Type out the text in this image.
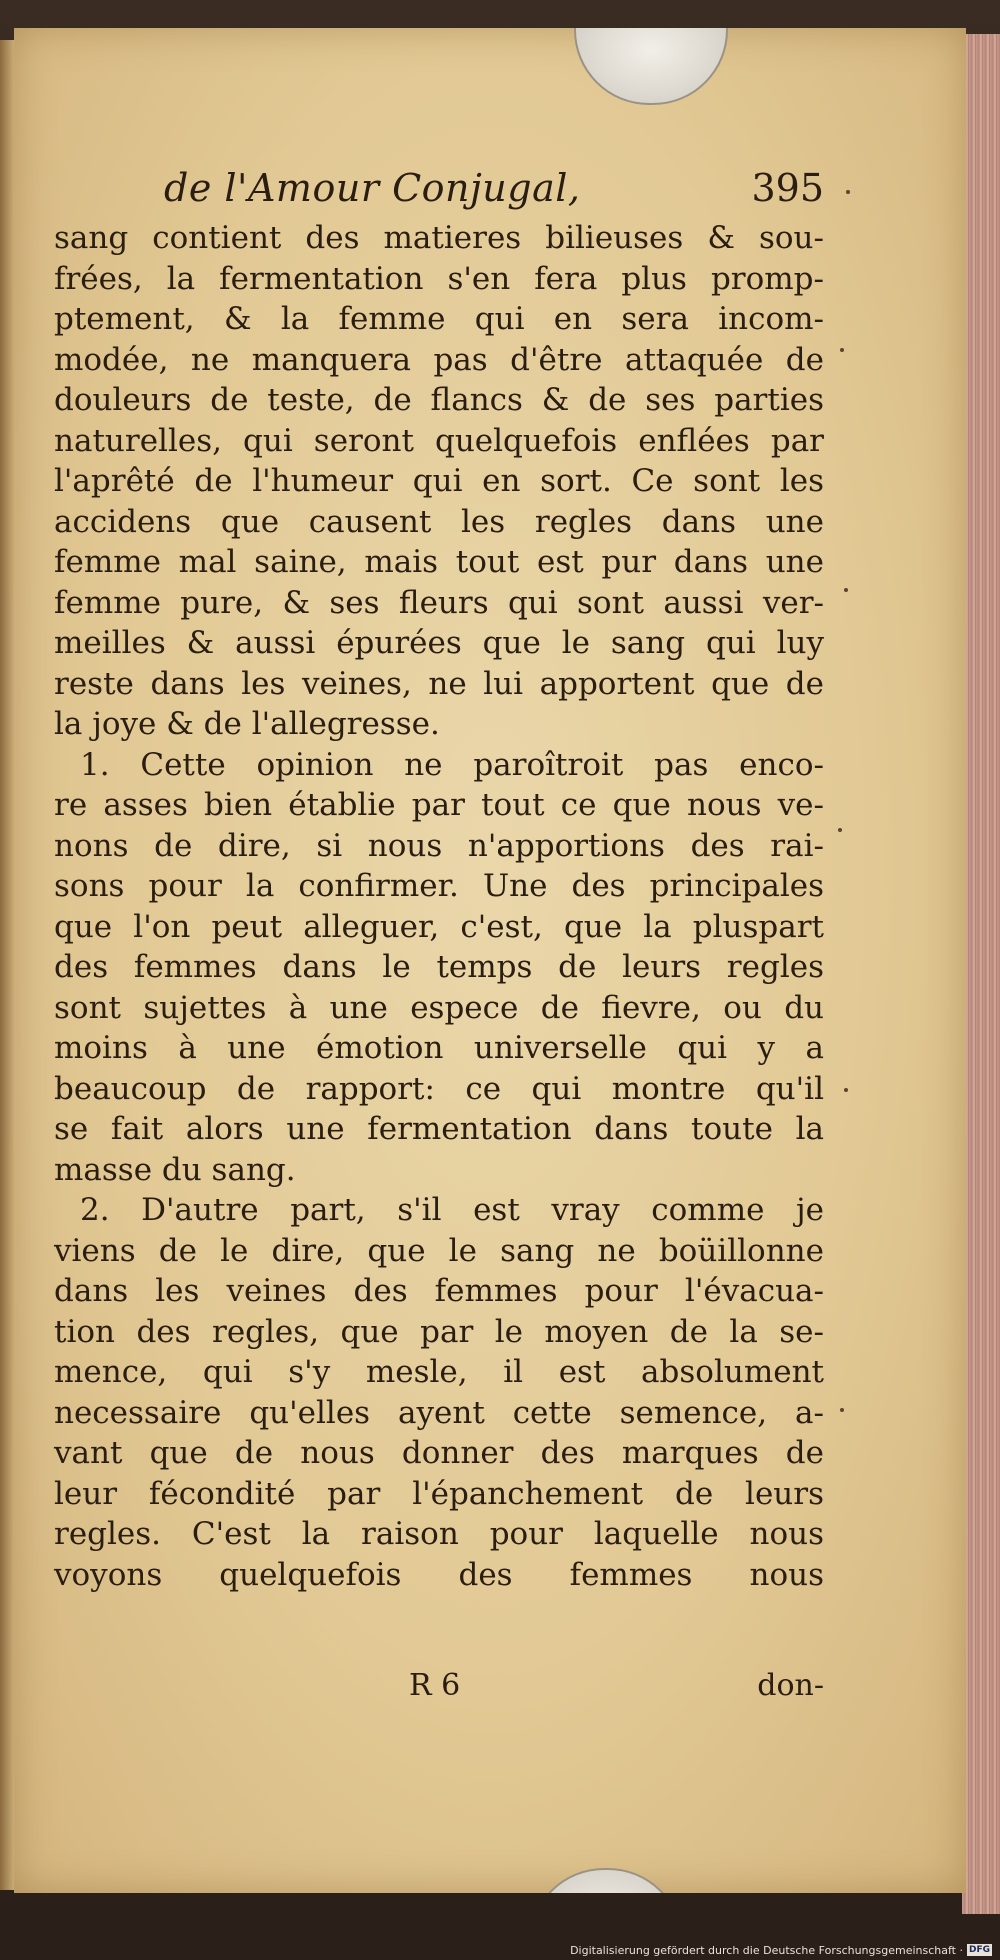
de l'Amour Conjugal,	395
sang contient des matieres bilieuses & sou-
frées, la fermentation s'en fera plus promp-
ptement, & la femme qui en sera incom-
modée, ne manquera pas d'être attaquée de
douleurs de teste, de flancs & de ses parties
naturelles, qui seront quelquefois enflées par
l'aprêté de l'humeur qui en sort. Ce sont les
accidens que causent les regles dans une
femme mal saine, mais tout est pur dans une
femme pure, & ses fleurs qui sont aussi ver-
meilles & aussi épurées que le sang qui luy
reste dans les veines, ne lui apportent que de
la joye & de l'allegresse.
1. Cette opinion ne paroîtroit pas enco-
re asses bien établie par tout ce que nous ve-
nons de dire, si nous n'apportions des rai-
sons pour la confirmer. Une des principales
que l'on peut alleguer, c'est, que la pluspart
des femmes dans le temps de leurs regles
sont sujettes à une espece de fievre, ou du
moins à une émotion universelle qui y a
beaucoup de rapport: ce qui montre qu'il
se fait alors une fermentation dans toute la
masse du sang.
2. D'autre part, s'il est vray comme je
viens de le dire, que le sang ne boüillonne
dans les veines des femmes pour l'évacua-
tion des regles, que par le moyen de la se-
mence, qui s'y mesle, il est absolument
necessaire qu'elles ayent cette semence, a-
vant que de nous donner des marques de
leur fécondité par l'épanchement de leurs
regles. C'est la raison pour laquelle nous
voyons quelquefois des femmes nous
R 6	don-
Digitalisierung gefördert durch die Deutsche Forschungsgemeinschaft · DFG
